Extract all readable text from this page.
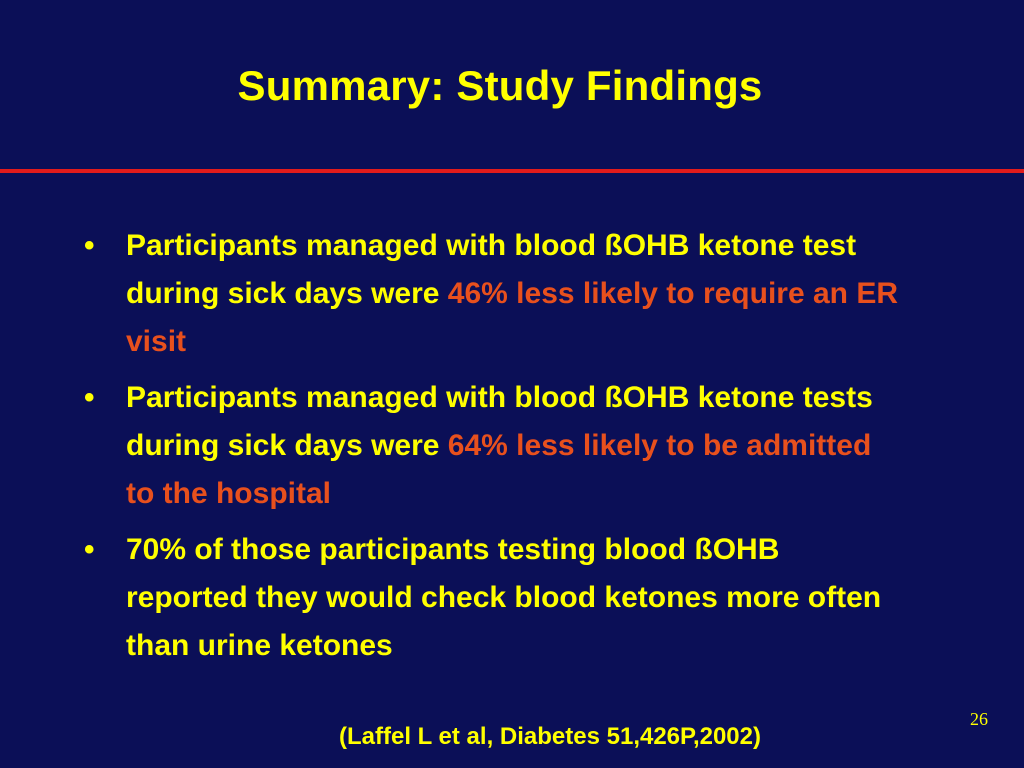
Summary: Study Findings
•	Participants managed with blood ßOHB ketone test during sick days were 46% less likely to require an ER visit
•	Participants managed with blood ßOHB ketone tests during sick days were 64% less likely to be admitted to the hospital
•	70% of those participants testing blood ßOHB reported they would check blood ketones more often than urine ketones
26
(Laffel L et al, Diabetes 51,426P,2002)
